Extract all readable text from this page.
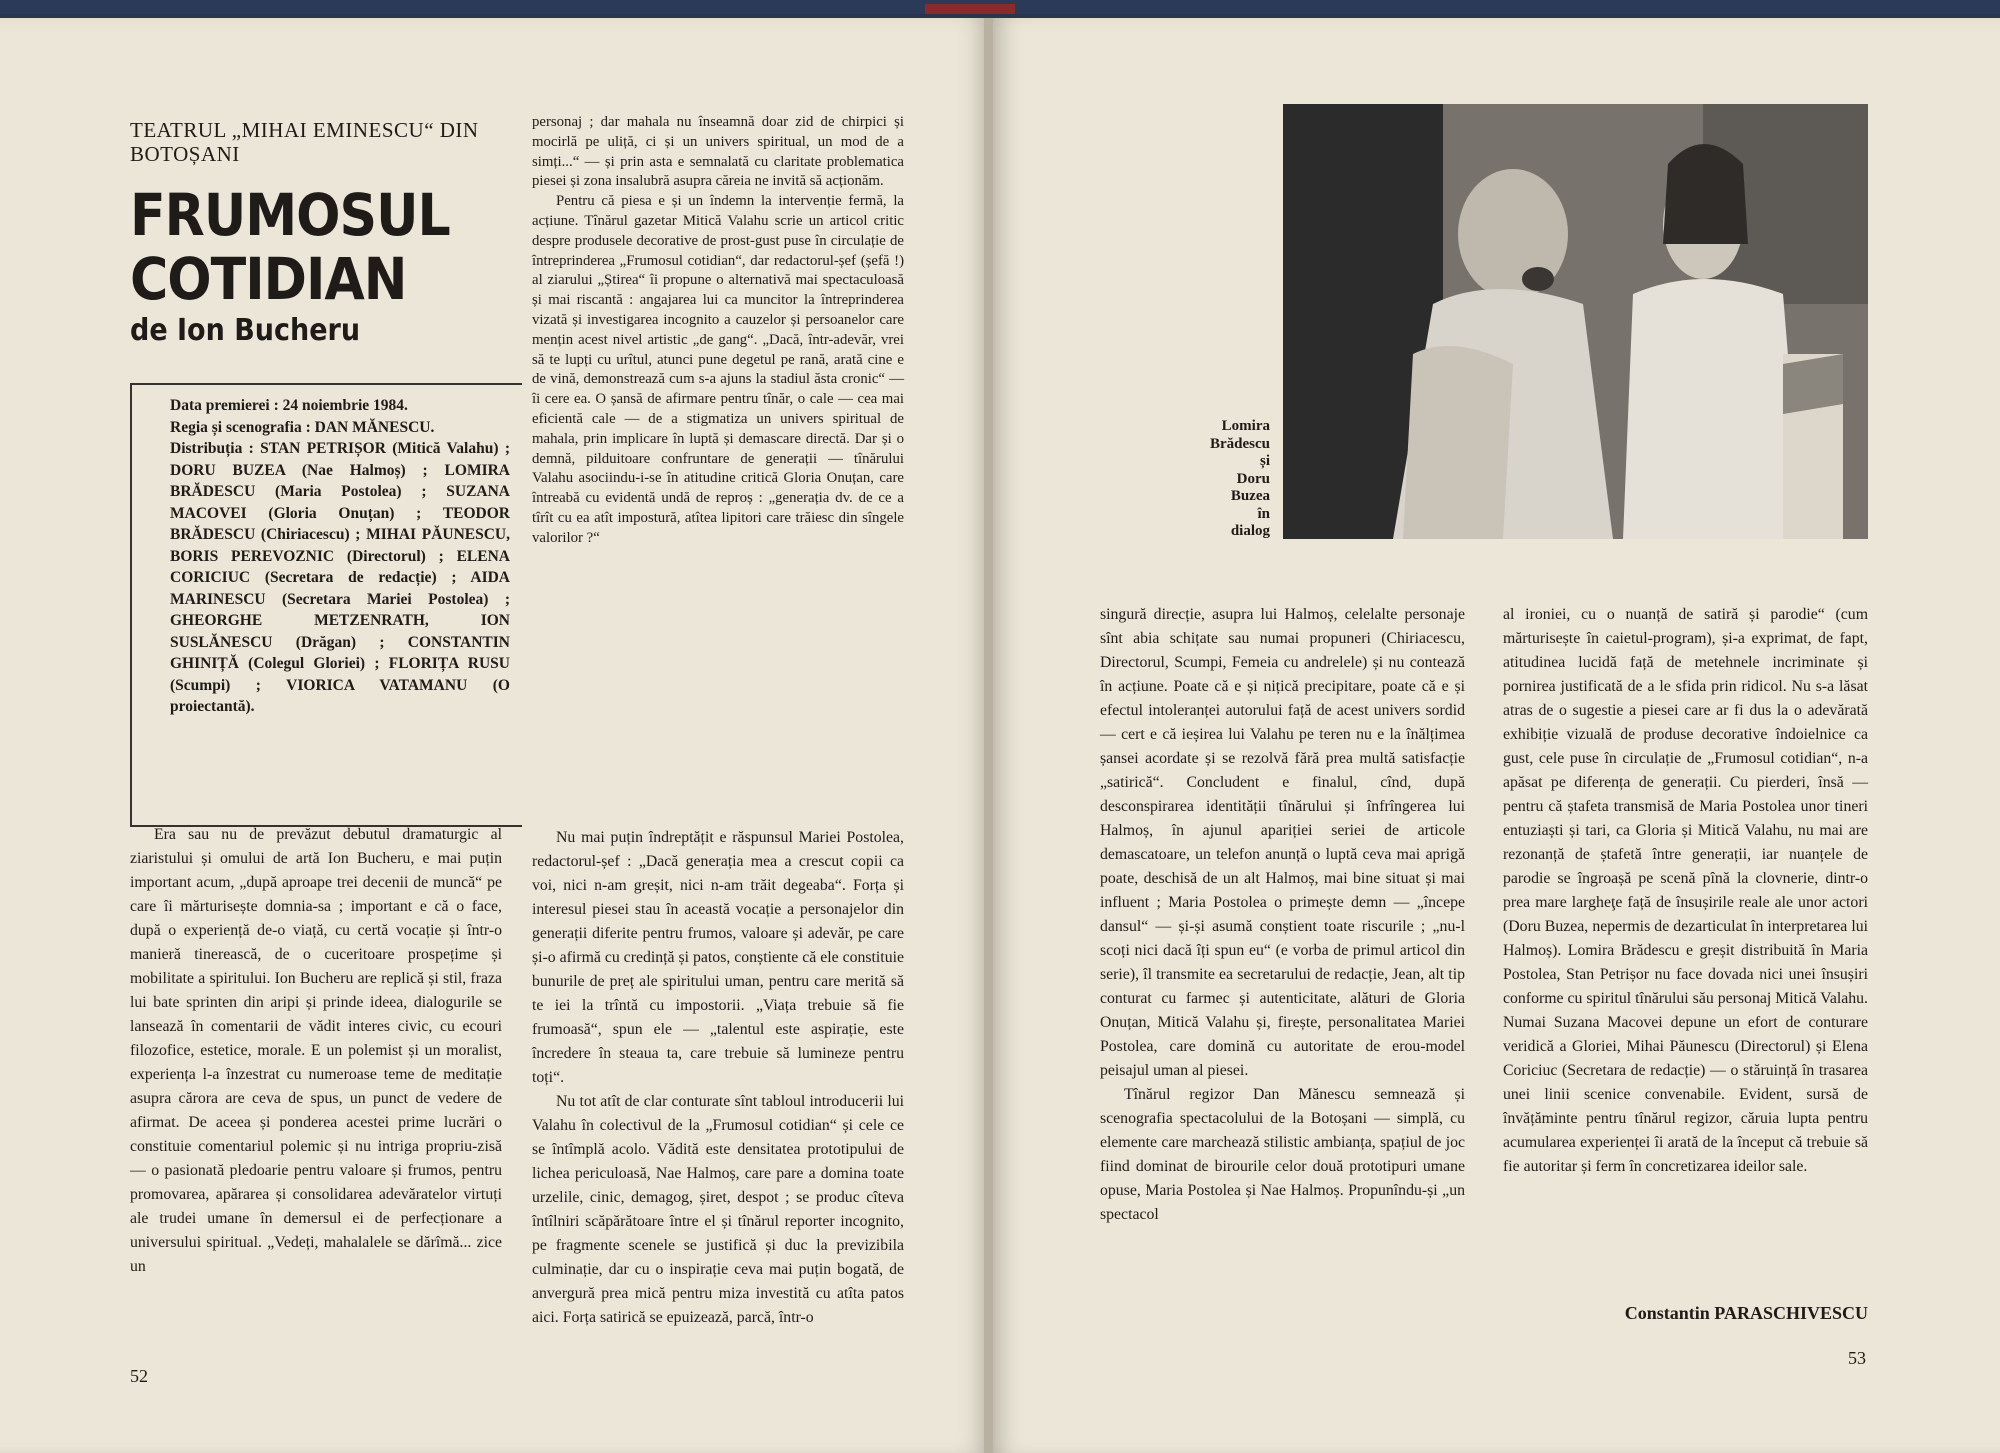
TEATRUL „MIHAI EMINESCU“ DIN BOTOȘANI
FRUMOSUL COTIDIAN
de Ion Bucheru

Data premierei : 24 noiembrie 1984.

Regia și scenografia : DAN MĂNESCU.

Distribuția : STAN PETRIȘOR (Mitică Valahu) ; DORU BUZEA (Nae Halmoș) ; LOMIRA BRĂDESCU (Maria Postolea) ; SUZANA MACOVEI (Gloria Onuțan) ; TEODOR BRĂDESCU (Chiriacescu) ; MIHAI PĂUNESCU, BORIS PEREVOZNIC (Directorul) ; ELENA CORICIUC (Secretara de redacție) ; AIDA MARINESCU (Secretara Mariei Postolea) ; GHEORGHE METZENRATH, ION SUSLĂNESCU (Drăgan) ; CONSTANTIN GHINIȚĂ (Colegul Gloriei) ; FLORIȚA RUSU (Scumpi) ; VIORICA VATAMANU (O proiectantă).

Era sau nu de prevăzut debutul dramaturgic al ziaristului și omului de artă Ion Bucheru, e mai puțin important acum, „după aproape trei decenii de muncă“ pe care îi mărturisește domnia-sa ; important e că o face, după o experiență de-o viață, cu certă vocație și într-o manieră tinerească, de o cuceritoare prospețime și mobilitate a spiritului. Ion Bucheru are replică și stil, fraza lui bate sprinten din aripi și prinde ideea, dialogurile se lansează în comentarii de vădit interes civic, cu ecouri filozofice, estetice, morale. E un polemist și un moralist, experiența l-a înzestrat cu numeroase teme de meditație asupra cărora are ceva de spus, un punct de vedere de afirmat. De aceea și ponderea acestei prime lucrări o constituie comentariul polemic și nu intriga propriu-zisă — o pasionată pledoarie pentru valoare și frumos, pentru promovarea, apărarea și consolidarea adevăratelor virtuți ale trudei umane în demersul ei de perfecționare a universului spiritual. „Vedeți, mahalalele se dărîmă... zice un

personaj ; dar mahala nu înseamnă doar zid de chirpici și mocirlă pe uliță, ci și un univers spiritual, un mod de a simți...“ — și prin asta e semnalată cu claritate problematica piesei și zona insalubră asupra căreia ne invită să acționăm.

Pentru că piesa e și un îndemn la intervenție fermă, la acțiune. Tînărul gazetar Mitică Valahu scrie un articol critic despre produsele decorative de prost-gust puse în circulație de întreprinderea „Frumosul cotidian“, dar redactorul-șef (șefă !) al ziarului „Știrea“ îi propune o alternativă mai spectaculoasă și mai riscantă : angajarea lui ca muncitor la întreprinderea vizată și investigarea incognito a cauzelor și persoanelor care mențin acest nivel artistic „de gang“. „Dacă, într-adevăr, vrei să te lupți cu urîtul, atunci pune degetul pe rană, arată cine e de vină, demonstrează cum s-a ajuns la stadiul ăsta cronic“ — îi cere ea. O șansă de afirmare pentru tînăr, o cale — cea mai eficientă cale — de a stigmatiza un univers spiritual de mahala, prin implicare în luptă și demascare directă. Dar și o demnă, pilduitoare confruntare de generații — tînărului Valahu asociindu-i-se în atitudine critică Gloria Onuțan, care întreabă cu evidentă undă de reproș : „generația dv. de ce a tîrît cu ea atît impostură, atîtea lipitori care trăiesc din sîngele valorilor ?“

Nu mai puțin îndreptățit e răspunsul Mariei Postolea, redactorul-șef : „Dacă generația mea a crescut copii ca voi, nici n-am greșit, nici n-am trăit degeaba“. Forța și interesul piesei stau în această vocație a personajelor din generații diferite pentru frumos, valoare și adevăr, pe care și-o afirmă cu credință și patos, conștiente că ele constituie bunurile de preț ale spiritului uman, pentru care merită să te iei la trîntă cu impostorii. „Viața trebuie să fie frumoasă“, spun ele — „talentul este aspirație, este încredere în steaua ta, care trebuie să lumineze pentru toți“.

Nu tot atît de clar conturate sînt tabloul introducerii lui Valahu în colectivul de la „Frumosul cotidian“ și cele ce se întîmplă acolo. Vădită este densitatea prototipului de lichea periculoasă, Nae Halmoș, care pare a domina toate urzelile, cinic, demagog, șiret, despot ; se produc cîteva întîlniri scăpărătoare între el și tînărul reporter incognito, pe fragmente scenele se justifică și duc la previzibila culminație, dar cu o inspirație ceva mai puțin bogată, de anvergură prea mică pentru miza investită cu atîta patos aici. Forța satirică se epuizează, parcă, într-o

52
Lomira
Brădescu
și
Doru
Buzea
în
dialog

singură direcție, asupra lui Halmoș, celelalte personaje sînt abia schițate sau numai propuneri (Chiriacescu, Directorul, Scumpi, Femeia cu andrelele) și nu contează în acțiune. Poate că e și nițică precipitare, poate că e și efectul intoleranței autorului față de acest univers sordid — cert e că ieșirea lui Valahu pe teren nu e la înălțimea șansei acordate și se rezolvă fără prea multă satisfacție „satirică“. Concludent e finalul, cînd, după desconspirarea identității tînărului și înfrîngerea lui Halmoș, în ajunul apariției seriei de articole demascatoare, un telefon anunță o luptă ceva mai aprigă poate, deschisă de un alt Halmoș, mai bine situat și mai influent ; Maria Postolea o primește demn — „începe dansul“ — și-și asumă conștient toate riscurile ; „nu-l scoți nici dacă îți spun eu“ (e vorba de primul articol din serie), îl transmite ea secretarului de redacție, Jean, alt tip conturat cu farmec și autenticitate, alături de Gloria Onuțan, Mitică Valahu și, firește, personalitatea Mariei Postolea, care domină cu autoritate de erou-model peisajul uman al piesei.

Tînărul regizor Dan Mănescu semnează și scenografia spectacolului de la Botoșani — simplă, cu elemente care marchează stilistic ambianța, spațiul de joc fiind dominat de birourile celor două prototipuri umane opuse, Maria Postolea și Nae Halmoș. Propunîndu-și „un spectacol

al ironiei, cu o nuanță de satiră și parodie“ (cum mărturisește în caietul-program), și-a exprimat, de fapt, atitudinea lucidă față de metehnele incriminate și pornirea justificată de a le sfida prin ridicol. Nu s-a lăsat atras de o sugestie a piesei care ar fi dus la o adevărată exhibiție vizuală de produse decorative îndoielnice ca gust, cele puse în circulație de „Frumosul cotidian“, n-a apăsat pe diferența de generații. Cu pierderi, însă — pentru că ștafeta transmisă de Maria Postolea unor tineri entuziaști și tari, ca Gloria și Mitică Valahu, nu mai are rezonanță de ștafetă între generații, iar nuanțele de parodie se îngroașă pe scenă pînă la clovnerie, dintr-o prea mare largheţe față de însușirile reale ale unor actori (Doru Buzea, nepermis de dezarticulat în interpretarea lui Halmoș). Lomira Brădescu e greșit distribuită în Maria Postolea, Stan Petrișor nu face dovada nici unei însușiri conforme cu spiritul tînărului său personaj Mitică Valahu. Numai Suzana Macovei depune un efort de conturare veridică a Gloriei, Mihai Păunescu (Directorul) și Elena Coriciuc (Secretara de redacție) — o stăruință în trasarea unei linii scenice convenabile. Evident, sursă de învățăminte pentru tînărul regizor, căruia lupta pentru acumularea experienței îi arată de la început că trebuie să fie autoritar și ferm în concretizarea ideilor sale.

Constantin PARASCHIVESCU
53
